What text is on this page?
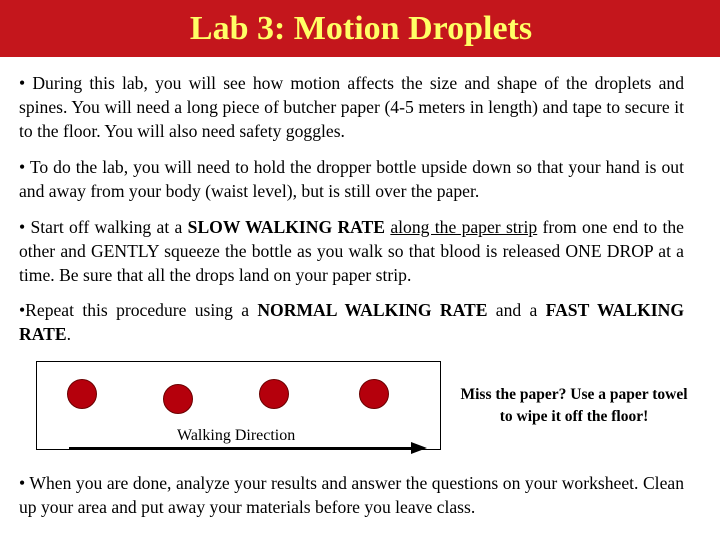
Lab 3: Motion Droplets
• During this lab, you will see how motion affects the size and shape of the droplets and spines. You will need a long piece of butcher paper (4-5 meters in length) and tape to secure it to the floor. You will also need safety goggles.
• To do the lab, you will need to hold the dropper bottle upside down so that your hand is out and away from your body (waist level), but is still over the paper.
• Start off walking at a SLOW WALKING RATE along the paper strip from one end to the other and GENTLY squeeze the bottle as you walk so that blood is released ONE DROP at a time. Be sure that all the drops land on your paper strip.
•Repeat this procedure using a NORMAL WALKING RATE and a FAST WALKING RATE.
Walking Direction
Miss the paper? Use a paper towel to wipe it off the floor!
• When you are done, analyze your results and answer the questions on your worksheet. Clean up your area and put away your materials before you leave class.
